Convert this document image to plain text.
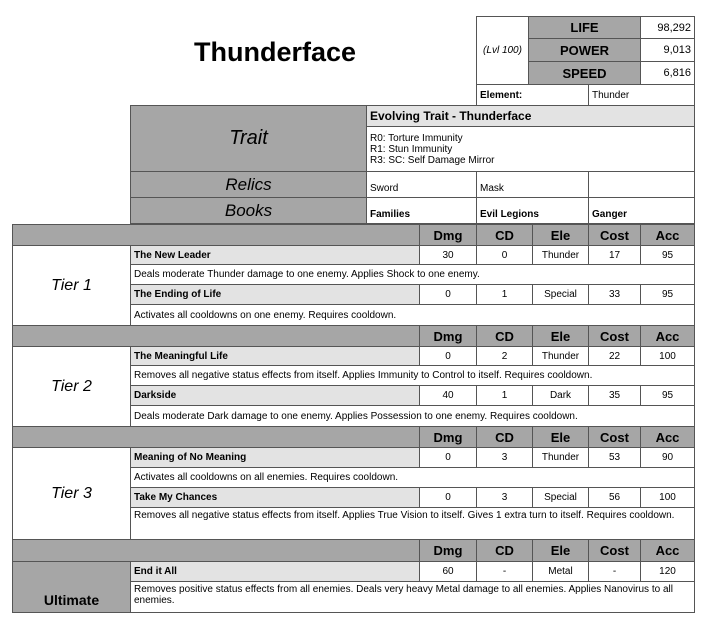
Thunderface	(Lvl 100)
LIFE	98,292
POWER	9,013
SPEED	6,816
Element:	Thunder
Trait
Evolving Trait - Thunderface
R0: Torture Immunity
R1: Stun Immunity
R3: SC: Self Damage Mirror
Relics	Sword	Mask
Books	Families	Evil Legions	Ganger
Dmg	CD	Ele	Cost	Acc
Tier 1
The New Leader	30	0	Thunder	17	95
Deals moderate Thunder damage to one enemy. Applies Shock to one enemy.
The Ending of Life	0	1	Special	33	95
Activates all cooldowns on one enemy. Requires cooldown.
Dmg	CD	Ele	Cost	Acc
Tier 2
The Meaningful Life	0	2	Thunder	22	100
Removes all negative status effects from itself. Applies Immunity to Control to itself. Requires cooldown.
Darkside	40	1	Dark	35	95
Deals moderate Dark damage to one enemy. Applies Possession to one enemy. Requires cooldown.
Dmg	CD	Ele	Cost	Acc
Tier 3
Meaning of No Meaning	0	3	Thunder	53	90
Activates all cooldowns on all enemies. Requires cooldown.
Take My Chances	0	3	Special	56	100
Removes all negative status effects from itself. Applies True Vision to itself. Gives 1 extra turn to itself. Requires cooldown.
Dmg	CD	Ele	Cost	Acc
Ultimate
End it All	60	-	Metal	-	120
Removes positive status effects from all enemies. Deals very heavy Metal damage to all enemies. Applies Nanovirus to all enemies.
